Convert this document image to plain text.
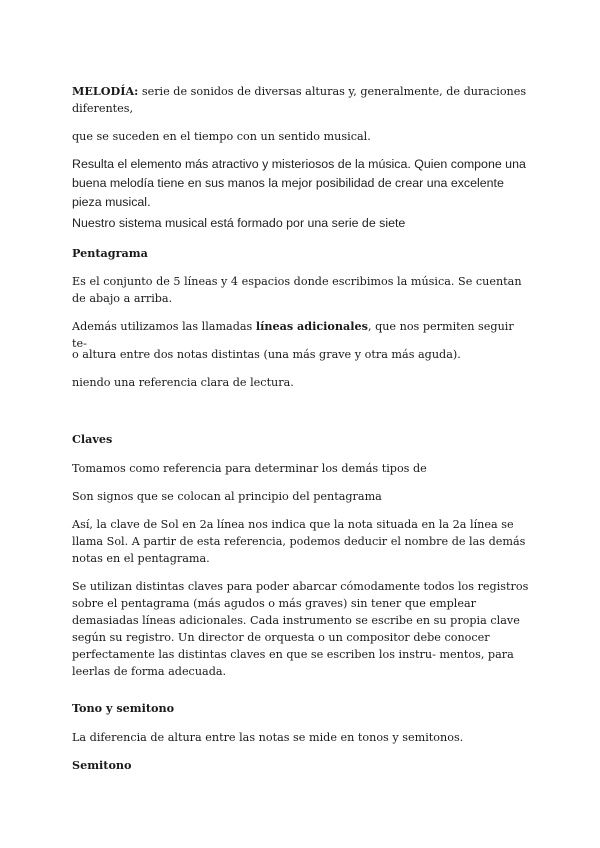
MELODÍA: serie de sonidos de diversas alturas y, generalmente, de duraciones diferentes,

que se suceden en el tiempo con un sentido musical.

Resulta el elemento más atractivo y misteriosos de la música. Quien compone una buena melodía tiene en sus manos la mejor posibilidad de crear una excelente pieza musical.

Nuestro sistema musical está formado por una serie de siete

Pentagrama

Es el conjunto de 5 líneas y 4 espacios donde escribimos la música. Se cuentan de abajo a arriba.

Además utilizamos las llamadas líneas adicionales, que nos permiten seguir te-

o altura entre dos notas distintas (una más grave y otra más aguda).

niendo una referencia clara de lectura.

Claves

Tomamos como referencia para determinar los demás tipos de

Son signos que se colocan al principio del pentagrama

Así, la clave de Sol en 2a línea nos indica que la nota situada en la 2a línea se llama Sol. A partir de esta referencia, podemos deducir el nombre de las demás notas en el pentagrama.

Se utilizan distintas claves para poder abarcar cómodamente todos los registros sobre el pentagrama (más agudos o más graves) sin tener que emplear demasiadas líneas adicionales. Cada instrumento se escribe en su propia clave según su registro. Un director de orquesta o un compositor debe conocer perfectamente las distintas claves en que se escriben los instru- mentos, para leerlas de forma adecuada.

Tono y semitono

La diferencia de altura entre las notas se mide en tonos y semitonos.

Semitono
